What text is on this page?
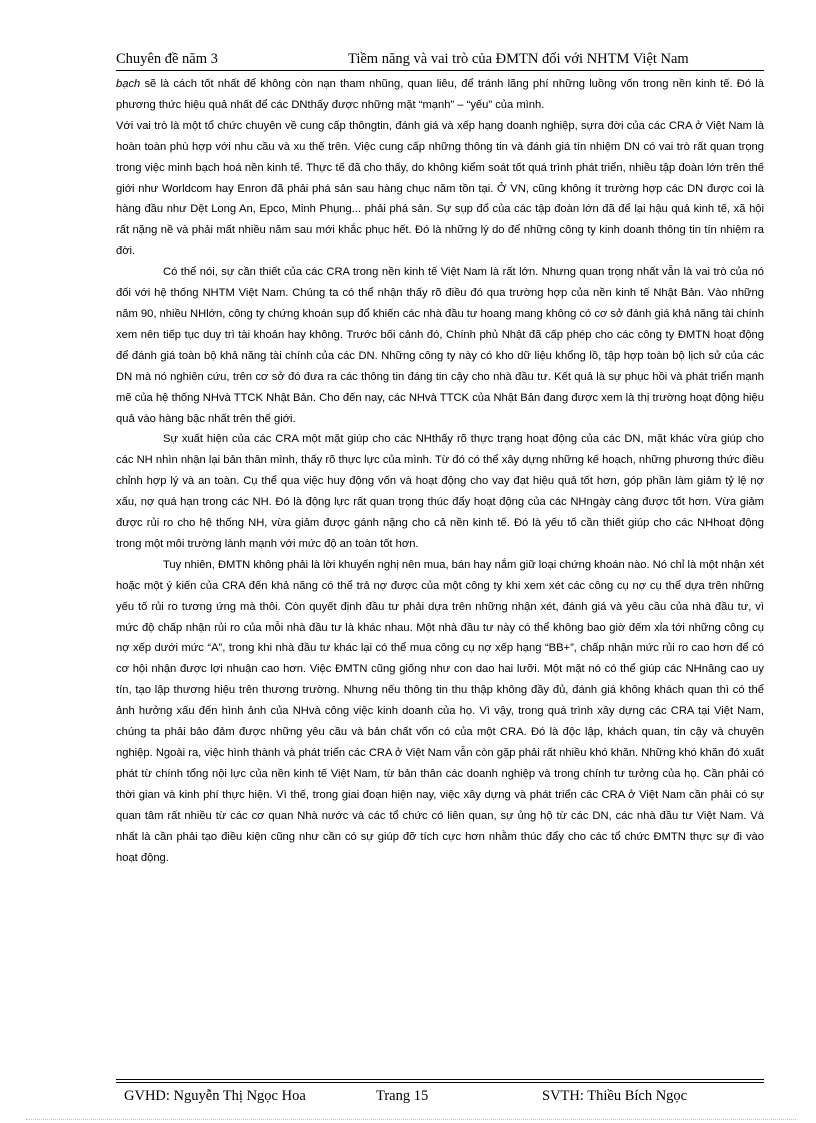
Chuyên đề năm 3	Tiềm năng và vai trò của ĐMTN đối với NHTM Việt Nam

bạch sẽ là cách tốt nhất để không còn nạn tham nhũng, quan liêu, để tránh lãng phí những luồng vốn trong nền kinh tế. Đó là phương thức hiệu quả nhất để các DNthấy được những mặt “mạnh” – “yếu” của mình.

Với vai trò là một tổ chức chuyên về cung cấp thôngtin, đánh giá và xếp hạng doanh nghiệp, sựra đời của các CRA ở Việt Nam là hoàn toàn phù hợp với nhu cầu và xu thế trên. Việc cung cấp những thông tin và đánh giá tín nhiệm DN có vai trò rất quan trọng trong việc minh bạch hoá nền kinh tế. Thực tế đã cho thấy, do không kiểm soát tốt quá trình phát triển, nhiều tập đoàn lớn trên thế giới như Worldcom hay Enron đã phải phá sản sau hàng chục năm tồn tại. Ở VN, cũng không ít trường hợp các DN được coi là hàng đầu như Dệt Long An, Epco, Minh Phụng... phải phá sản. Sự sụp đổ của các tập đoàn lớn đã để lại hậu quả kinh tế, xã hội rất nặng nề và phải mất nhiều năm sau mới khắc phục hết. Đó là những lý do để những công ty kinh doanh thông tin tín nhiệm ra đời.

Có thể nói, sự cần thiết của các CRA trong nền kinh tế Việt Nam là rất lớn. Nhưng quan trọng nhất vẫn là vai trò của nó đối với hệ thống NHTM Việt Nam. Chúng ta có thể nhận thấy rõ điều đó qua trường hợp của nền kinh tế Nhật Bản. Vào những năm 90, nhiều NHlớn, công ty chứng khoán sụp đổ khiến các nhà đầu tư hoang mang không có cơ sở đánh giá khả năng tài chính xem nên tiếp tục duy trì tài khoản hay không. Trước bối cảnh đó, Chính phủ Nhật đã cấp phép cho các công ty ĐMTN hoạt động để đánh giá toàn bộ khả năng tài chính của các DN. Những công ty này có kho dữ liệu khổng lồ, tập hợp toàn bộ lịch sử của các DN mà nó nghiên cứu, trên cơ sở đó đưa ra các thông tin đáng tin cậy cho nhà đầu tư. Kết quả là sự phục hồi và phát triển mạnh mẽ của hệ thống NHvà TTCK Nhật Bản. Cho đến nay, các NHvà TTCK của Nhật Bản đang được xem là thị trường hoạt động hiệu quả vào hàng bậc nhất trên thế giới.

Sự xuất hiện của các CRA một mặt giúp cho các NHthấy rõ thực trạng hoạt động của các DN, mặt khác vừa giúp cho các NH nhìn nhận lại bản thân mình, thấy rõ thực lực của mình. Từ đó có thể xây dựng những kế hoạch, những phương thức điều chỉnh hợp lý và an toàn. Cụ thể qua việc huy động vốn và hoạt động cho vay đạt hiệu quả tốt hơn, góp phần làm giảm tỷ lệ nợ xấu, nợ quá hạn trong các NH. Đó là động lực rất quan trọng thúc đẩy hoạt động của các NHngày càng được tốt hơn. Vừa giảm được rủi ro cho hệ thống NH, vừa giảm được gánh nặng cho cả nền kinh tế. Đó là yếu tố cần thiết giúp cho các NHhoạt động trong một môi trường lành mạnh với mức độ an toàn tốt hơn.

Tuy nhiên, ĐMTN không phải là lời khuyến nghị nên mua, bán hay nắm giữ loại chứng khoán nào. Nó chỉ là một nhận xét hoặc một ý kiến của CRA đến khả năng có thể trả nợ được của một công ty khi xem xét các công cụ nợ cụ thể dựa trên những yếu tố rủi ro tương ứng mà thôi. Còn quyết định đầu tư phải dựa trên những nhận xét, đánh giá và yêu cầu của nhà đầu tư, vì mức độ chấp nhận rủi ro của mỗi nhà đầu tư là khác nhau. Một nhà đầu tư này có thể không bao giờ đếm xỉa tới những công cụ nợ xếp dưới mức “A”, trong khi nhà đầu tư khác lại có thể mua công cụ nợ xếp hạng “BB+”, chấp nhận mức rủi ro cao hơn để có cơ hội nhận được lợi nhuận cao hơn. Việc ĐMTN cũng giống như con dao hai lưỡi. Một mặt nó có thể giúp các NHnâng cao uy tín, tạo lập thương hiệu trên thương trường. Nhưng nếu thông tin thu thập không đầy đủ, đánh giá không khách quan thì có thể ảnh hưởng xấu đến hình ảnh của NHvà công việc kinh doanh của họ. Vì vậy, trong quá trình xây dựng các CRA tại Việt Nam, chúng ta phải bảo đảm được những yêu cầu và bản chất vốn có của một CRA. Đó là độc lập, khách quan, tin cậy và chuyên nghiệp. Ngoài ra, việc hình thành và phát triển các CRA ở Việt Nam vẫn còn gặp phải rất nhiều khó khăn. Những khó khăn đó xuất phát từ chính tổng nội lực của nền kinh tế Việt Nam, từ bản thân các doanh nghiệp và trong chính tư tưởng của họ. Cần phải có thời gian và kinh phí thực hiện. Vì thế, trong giai đoạn hiện nay, việc xây dựng và phát triển các CRA ở Việt Nam cần phải có sự quan tâm rất nhiều từ các cơ quan Nhà nước và các tổ chức có liên quan, sự ủng hộ từ các DN, các nhà đầu tư Việt Nam. Và nhất là cần phải tạo điều kiện cũng như cần có sự giúp đỡ tích cực hơn nhằm thúc đẩy cho các tổ chức ĐMTN thực sự đi vào hoạt động.

GVHD: Nguyễn Thị Ngọc Hoa	Trang 15	SVTH: Thiều Bích Ngọc
